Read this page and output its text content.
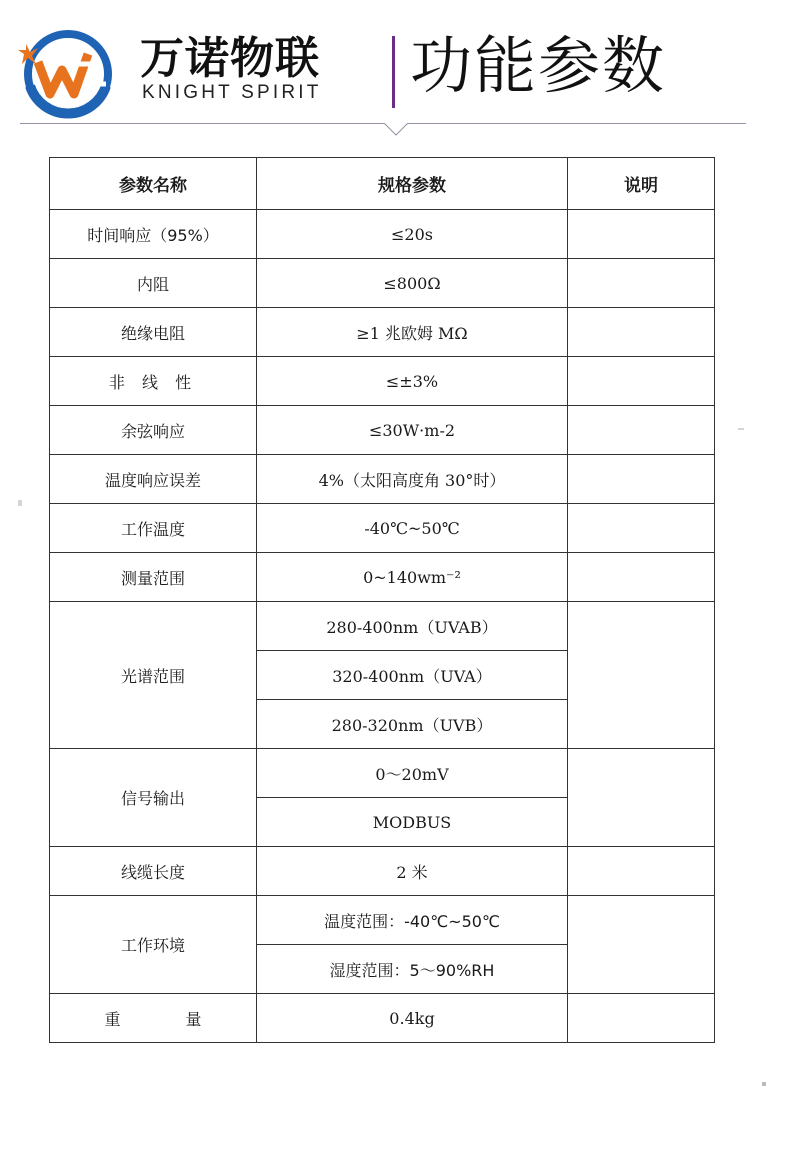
万诺物联
KNIGHT SPIRIT 功能参数
参数名称	规格参数	说明
时间响应（95%）	≤20s	
内阻	≤800Ω	
绝缘电阻	≥1 兆欧姆 MΩ	
非 线 性	≤±3%	
余弦响应	≤30W·m-2	
温度响应误差	4%（太阳高度角 30°时）	
工作温度	-40℃~50℃	
测量范围	0~140wm⁻²	
光谱范围	280-400nm（UVAB）	
	320-400nm（UVA）	
	280-320nm（UVB）	
信号输出	0～20mV	
	MODBUS	
线缆长度	2 米	
工作环境	温度范围：-40℃~50℃	
	湿度范围：5～90%RH	
重 量	0.4kg	
